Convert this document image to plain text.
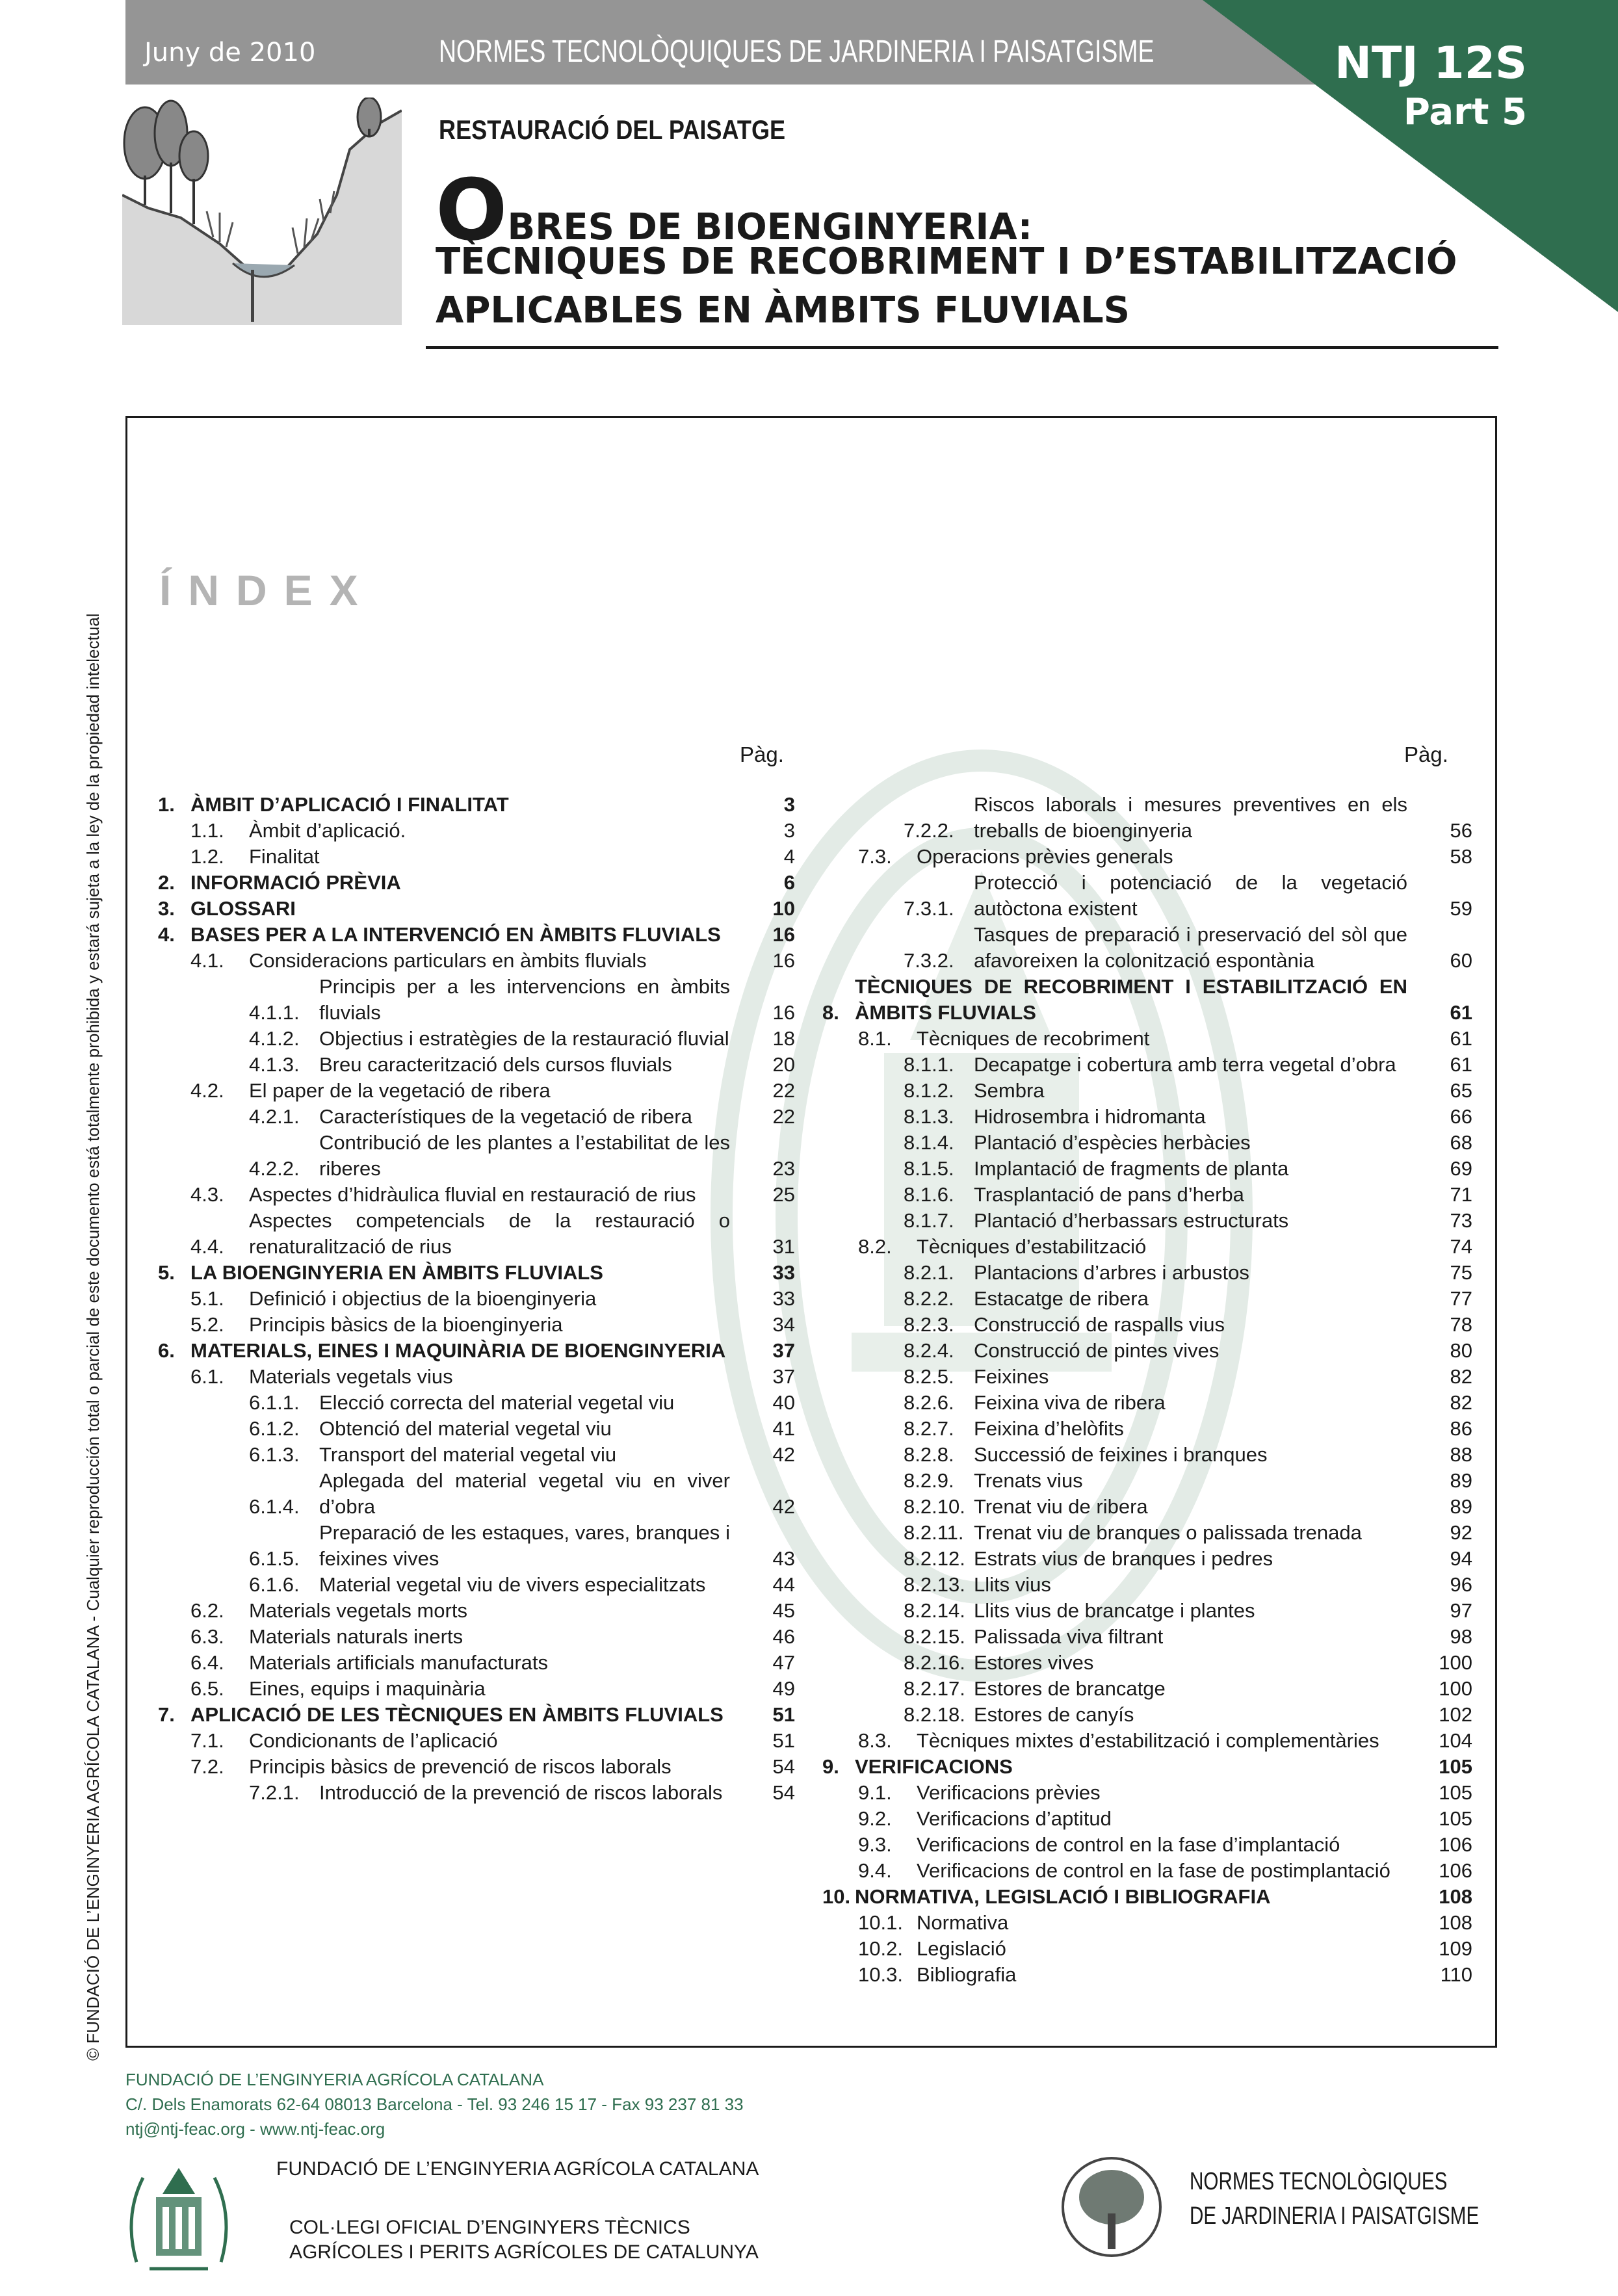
Juny de 2010	NORMES TECNOLÒQUIQUES DE JARDINERIA I PAISATGISME	NTJ 12S
Part 5
RESTAURACIÓ DEL PAISATGE
OBRES DE BIOENGINYERIA:
TÈCNIQUES DE RECOBRIMENT I D’ESTABILITZACIÓ
APLICABLES EN ÀMBITS FLUVIALS
© FUNDACIÓ DE L’ENGINYERIA AGRÍCOLA CATALANA - Cualquier reproducción total o parcial de este documento está totalmente prohibida y estará sujeta a la ley de la propiedad intelectual
ÍNDEX
Pàg.	Pàg.
1. ÀMBIT D’APLICACIÓ I FINALITAT	3
1.1.	Àmbit d’aplicació.	3
1.2.	Finalitat	4
2. INFORMACIÓ PRÈVIA	6
3. GLOSSARI	10
4. BASES PER A LA INTERVENCIÓ EN ÀMBITS FLUVIALS	16
4.1.	Consideracions particulars en àmbits fluvials	16
4.1.1.
Principis per a les intervencions en àmbits fluvials	16
4.1.2. Objectius i estratègies de la restauració fluvial	18
4.1.3. Breu caracterització dels cursos fluvials	20
4.2.	El paper de la vegetació de ribera	22
4.2.1. Característiques de la vegetació de ribera	22
4.2.2.
Contribució de les plantes a l’estabilitat de les riberes	23
4.3.	Aspectes d’hidràulica fluvial en restauració de rius	25
4.4.
Aspectes competencials de la restauració o renaturalització de rius	31
5. LA BIOENGINYERIA EN ÀMBITS FLUVIALS	33
5.1.	Definició i objectius de la bioenginyeria	33
5.2.	Principis bàsics de la bioenginyeria	34
6. MATERIALS, EINES I MAQUINÀRIA DE BIOENGINYERIA	37
6.1.	Materials vegetals vius	37
6.1.1. Elecció correcta del material vegetal viu	40
6.1.2. Obtenció del material vegetal viu	41
6.1.3. Transport del material vegetal viu	42
6.1.4.
Aplegada del material vegetal viu en viver d’obra	42
6.1.5.
Preparació de les estaques, vares, branques i feixines vives	43
6.1.6. Material vegetal viu de vivers especialitzats	44
6.2.	Materials vegetals morts	45
6.3.	Materials naturals inerts	46
6.4.	Materials artificials manufacturats	47
6.5.	Eines, equips i maquinària	49
7. APLICACIÓ DE LES TÈCNIQUES EN ÀMBITS FLUVIALS	51
7.1.	Condicionants de l’aplicació	51
7.2.	Principis bàsics de prevenció de riscos laborals	54
7.2.1. Introducció de la prevenció de riscos laborals	54
7.2.2.
Riscos laborals i mesures preventives en els treballs de bioenginyeria	56
7.3.	Operacions prèvies generals	58
7.3.1.
Protecció i potenciació de la vegetació autòctona existent	59
7.3.2.
Tasques de preparació i preservació del sòl que afavoreixen la colonització espontània	60
8.
TÈCNIQUES DE RECOBRIMENT I ESTABILITZACIÓ EN ÀMBITS FLUVIALS	61
8.1.	Tècniques de recobriment	61
8.1.1. Decapatge i cobertura amb terra vegetal d’obra	61
8.1.2. Sembra	65
8.1.3. Hidrosembra i hidromanta	66
8.1.4. Plantació d’espècies herbàcies	68
8.1.5. Implantació de fragments de planta	69
8.1.6. Trasplantació de pans d’herba	71
8.1.7. Plantació d’herbassars estructurats	73
8.2.	Tècniques d’estabilització	74
8.2.1. Plantacions d’arbres i arbustos	75
8.2.2. Estacatge de ribera	77
8.2.3. Construcció de raspalls vius	78
8.2.4. Construcció de pintes vives	80
8.2.5. Feixines	82
8.2.6. Feixina viva de ribera	82
8.2.7. Feixina d’helòfits	86
8.2.8. Successió de feixines i branques	88
8.2.9. Trenats vius	89
8.2.10. Trenat viu de ribera	89
8.2.11. Trenat viu de branques o palissada trenada	92
8.2.12. Estrats vius de branques i pedres	94
8.2.13. Llits vius	96
8.2.14. Llits vius de brancatge i plantes	97
8.2.15. Palissada viva filtrant	98
8.2.16. Estores vives	100
8.2.17. Estores de brancatge	100
8.2.18. Estores de canyís	102
8.3.	Tècniques mixtes d’estabilització i complementàries	104
9. VERIFICACIONS	105
9.1.	Verificacions prèvies	105
9.2.	Verificacions d’aptitud	105
9.3.	Verificacions de control en la fase d’implantació	106
9.4.	Verificacions de control en la fase de postimplantació	106
10. NORMATIVA, LEGISLACIÓ I BIBLIOGRAFIA	108
10.1. Normativa	108
10.2. Legislació	109
10.3. Bibliografia	110
FUNDACIÓ DE L’ENGINYERIA AGRÍCOLA CATALANA
C/. Dels Enamorats 62-64 08013 Barcelona - Tel. 93 246 15 17 - Fax 93 237 81 33
ntj@ntj-feac.org - www.ntj-feac.org
FUNDACIÓ DE L’ENGINYERIA AGRÍCOLA CATALANA
COL·LEGI OFICIAL D’ENGINYERS TÈCNICS
AGRÍCOLES I PERITS AGRÍCOLES DE CATALUNYA
NORMES TECNOLÒGIQUES
DE JARDINERIA I PAISATGISME
